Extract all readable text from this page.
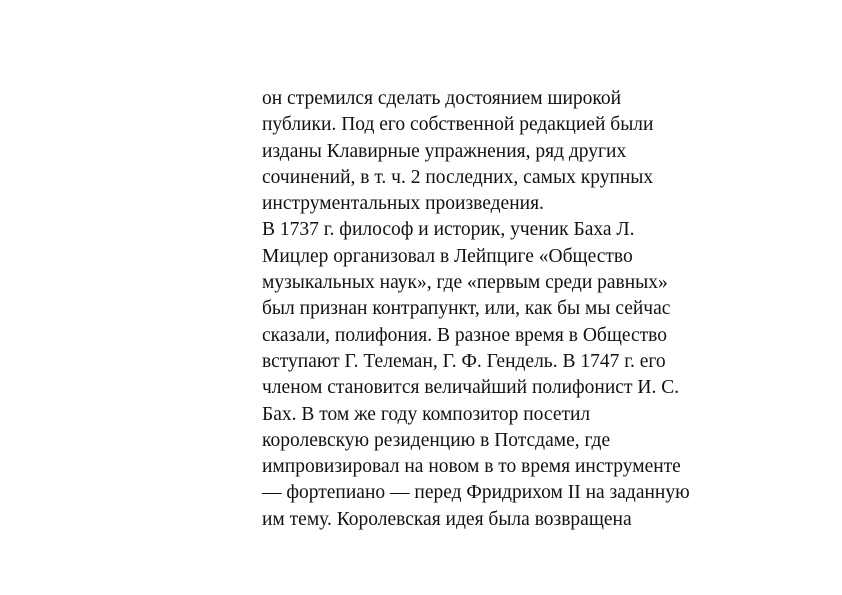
он стремился сделать достоянием широкой
публики. Под его собственной редакцией были
изданы Клавирные упражнения, ряд других
сочинений, в т. ч. 2 последних, самых крупных
инструментальных произведения.
В 1737 г. философ и историк, ученик Баха Л.
Мицлер организовал в Лейпциге «Общество
музыкальных наук», где «первым среди равных»
был признан контрапункт, или, как бы мы сейчас
сказали, полифония. В разное время в Общество
вступают Г. Телеман, Г. Ф. Гендель. В 1747 г. его
членом становится величайший полифонист И. С.
Бах. В том же году композитор посетил
королевскую резиденцию в Потсдаме, где
импровизировал на новом в то время инструменте
— фортепиано — перед Фридрихом II на заданную
им тему. Королевская идея была возвращена
